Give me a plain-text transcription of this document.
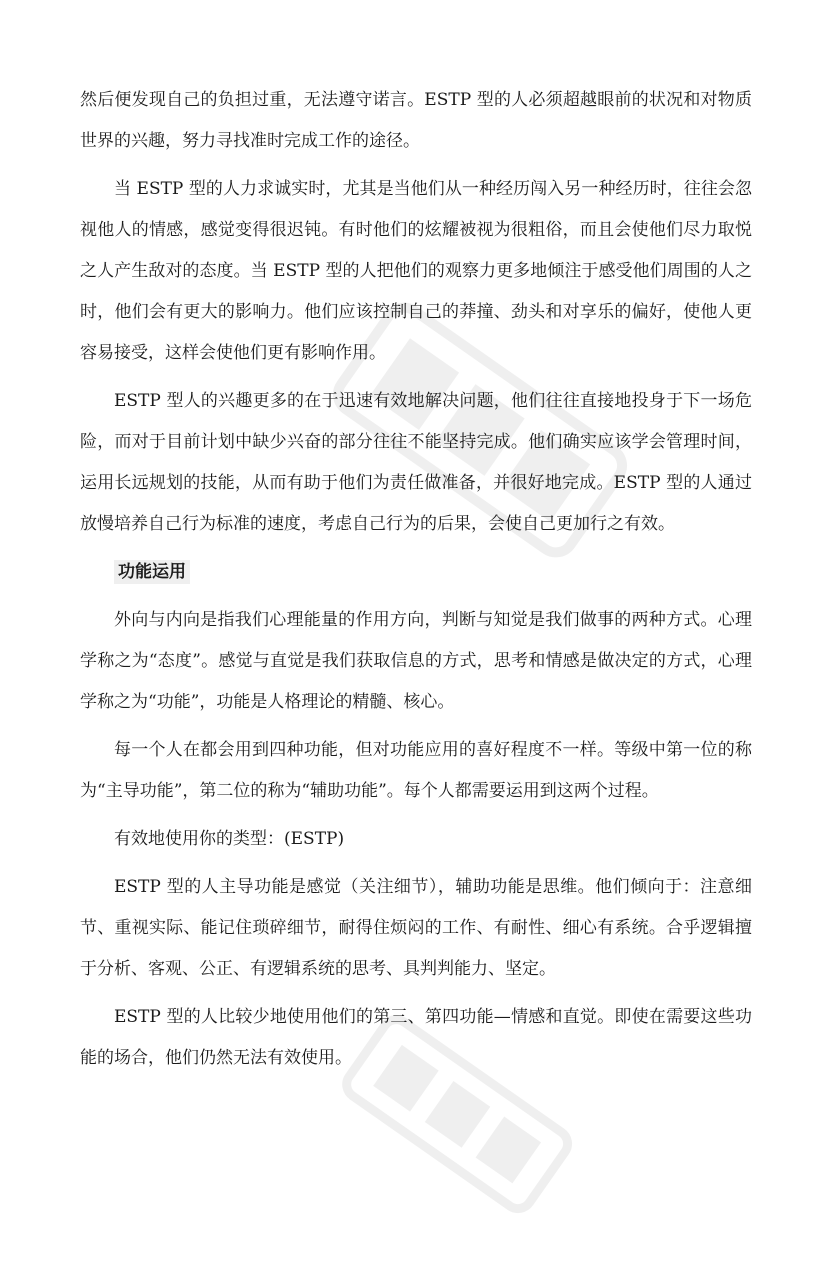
然后便发现自己的负担过重，无法遵守诺言。ESTP 型的人必须超越眼前的状况和对物质世界的兴趣，努力寻找准时完成工作的途径。

当 ESTP 型的人力求诚实时，尤其是当他们从一种经历闯入另一种经历时，往往会忽视他人的情感，感觉变得很迟钝。有时他们的炫耀被视为很粗俗，而且会使他们尽力取悦之人产生敌对的态度。当 ESTP 型的人把他们的观察力更多地倾注于感受他们周围的人之时，他们会有更大的影响力。他们应该控制自己的莽撞、劲头和对享乐的偏好，使他人更容易接受，这样会使他们更有影响作用。

ESTP 型人的兴趣更多的在于迅速有效地解决问题，他们往往直接地投身于下一场危险，而对于目前计划中缺少兴奋的部分往往不能坚持完成。他们确实应该学会管理时间，运用长远规划的技能，从而有助于他们为责任做准备，并很好地完成。ESTP 型的人通过放慢培养自己行为标准的速度，考虑自己行为的后果，会使自己更加行之有效。

功能运用

外向与内向是指我们心理能量的作用方向，判断与知觉是我们做事的两种方式。心理学称之为“态度”。感觉与直觉是我们获取信息的方式，思考和情感是做决定的方式，心理学称之为“功能”，功能是人格理论的精髓、核心。

每一个人在都会用到四种功能，但对功能应用的喜好程度不一样。等级中第一位的称为“主导功能”，第二位的称为“辅助功能”。每个人都需要运用到这两个过程。

有效地使用你的类型：(ESTP)

ESTP 型的人主导功能是感觉（关注细节），辅助功能是思维。他们倾向于：注意细节、重视实际、能记住琐碎细节，耐得住烦闷的工作、有耐性、细心有系统。合乎逻辑擅于分析、客观、公正、有逻辑系统的思考、具判判能力、坚定。

ESTP 型的人比较少地使用他们的第三、第四功能—情感和直觉。即使在需要这些功能的场合，他们仍然无法有效使用。
